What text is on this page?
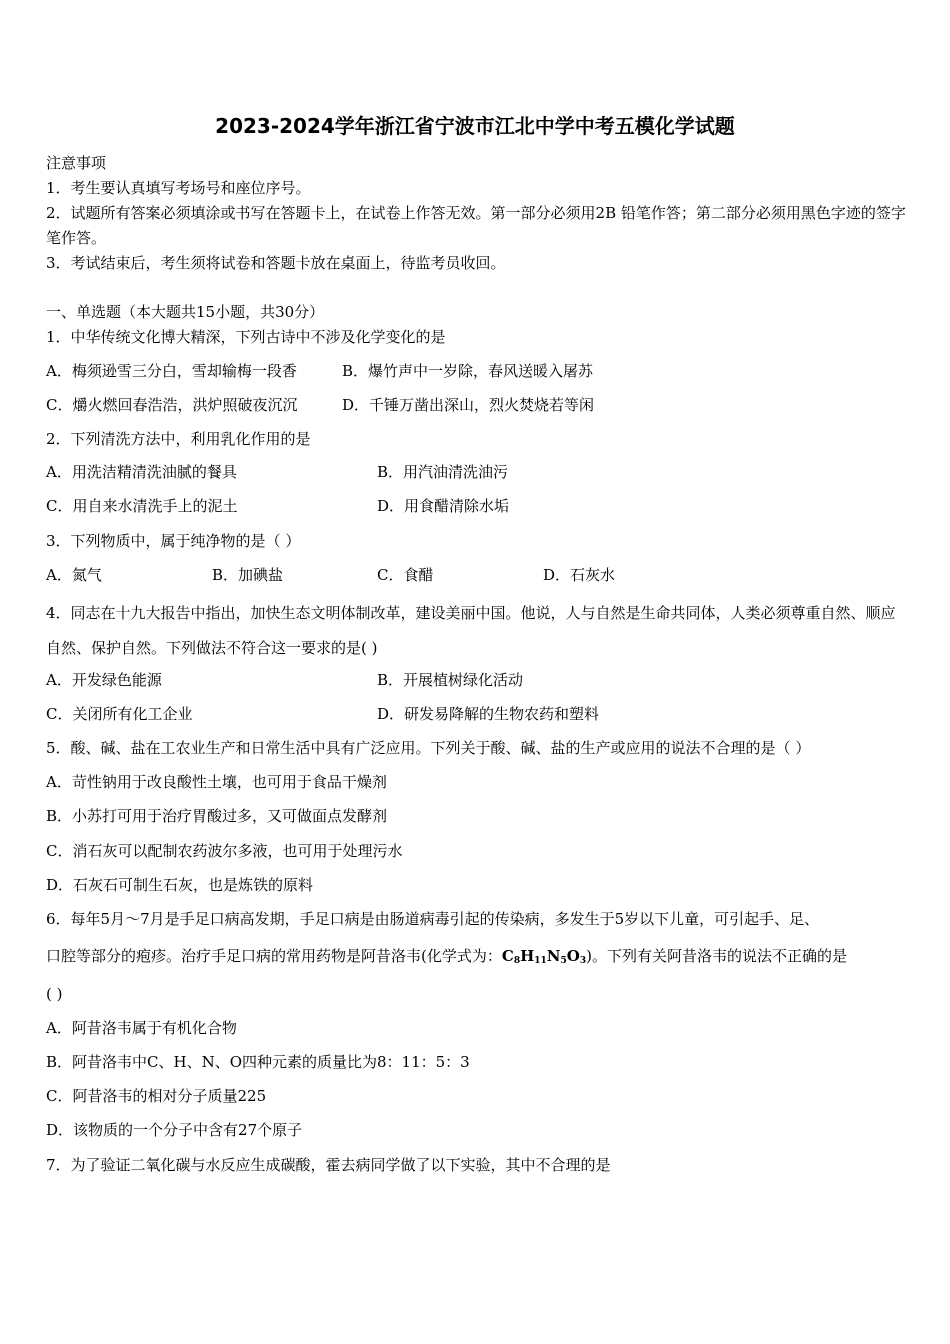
2023-2024学年浙江省宁波市江北中学中考五模化学试题
注意事项
1．考生要认真填写考场号和座位序号。
2．试题所有答案必须填涂或书写在答题卡上，在试卷上作答无效。第一部分必须用2B 铅笔作答；第二部分必须用黑色字迹的签字笔作答。
3．考试结束后，考生须将试卷和答题卡放在桌面上，待监考员收回。
一、单选题（本大题共15小题，共30分）
1．中华传统文化博大精深，下列古诗中不涉及化学变化的是
A．梅须逊雪三分白，雪却输梅一段香	B．爆竹声中一岁除，春风送暖入屠苏
C．爝火燃回春浩浩，洪炉照破夜沉沉	D．千锤万凿出深山，烈火焚烧若等闲
2．下列清洗方法中，利用乳化作用的是
A．用洗洁精清洗油腻的餐具	B．用汽油清洗油污
C．用自来水清洗手上的泥土	D．用食醋清除水垢
3．下列物质中，属于纯净物的是（ ）
A．氮气	B．加碘盐	C．食醋	D．石灰水
4．同志在十九大报告中指出，加快生态文明体制改革，建设美丽中国。他说，人与自然是生命共同体，人类必须尊重自然、顺应自然、保护自然。下列做法不符合这一要求的是( )
A．开发绿色能源	B．开展植树绿化活动
C．关闭所有化工企业	D．研发易降解的生物农药和塑料
5．酸、碱、盐在工农业生产和日常生活中具有广泛应用。下列关于酸、碱、盐的生产或应用的说法不合理的是（ ）
A．苛性钠用于改良酸性土壤，也可用于食品干燥剂
B．小苏打可用于治疗胃酸过多，又可做面点发酵剂
C．消石灰可以配制农药波尔多液，也可用于处理污水
D．石灰石可制生石灰，也是炼铁的原料
6．每年5月～7月是手足口病高发期，手足口病是由肠道病毒引起的传染病，多发生于5岁以下儿童，可引起手、足、
口腔等部分的疱疹。治疗手足口病的常用药物是阿昔洛韦(化学式为：$C_8H_{11}N_5O_3$)。下列有关阿昔洛韦的说法不正确的是
( )
A．阿昔洛韦属于有机化合物
B．阿昔洛韦中C、H、N、O四种元素的质量比为8：11：5：3
C．阿昔洛韦的相对分子质量225
D．该物质的一个分子中含有27个原子
7．为了验证二氧化碳与水反应生成碳酸，霍去病同学做了以下实验，其中不合理的是
